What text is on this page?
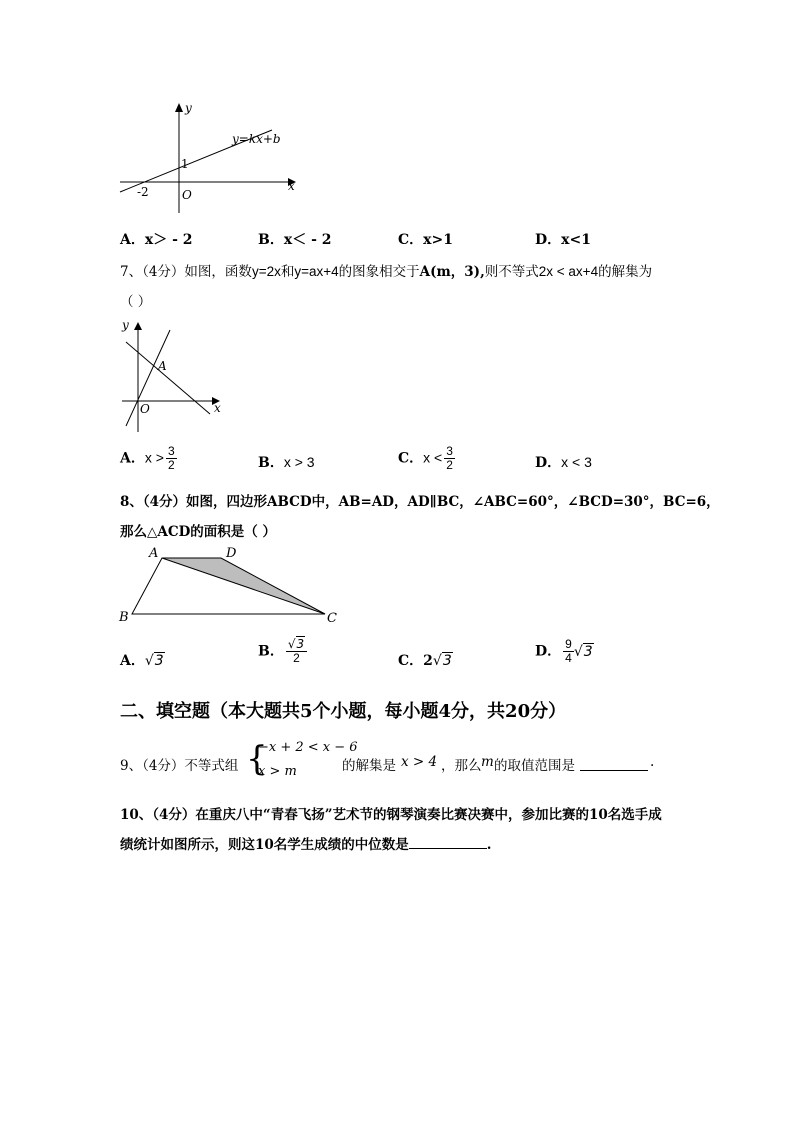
y
x
y=kx+b
1
-2	O
A．x＞ - 2	B．x＜ - 2	C．x>1	D．x<1
7、（4分）如图，函数y=2x和y=ax+4的图象相交于A(m，3),则不等式2x < ax+4的解集为
（ ）
y
x
A
O
A．$x > \frac{3}{2}$	B．x > 3	C．$x < \frac{3}{2}$	D．x < 3
8、（4分）如图，四边形ABCD中，AB=AD，AD∥BC，∠ABC=60°，∠BCD=30°，BC=6，
那么△ACD的面积是（ ）
A	D
B	C
A．√3
B． $\frac{√3}{2}$	C．2√3
D． $\frac{9}{4} √3$
二、填空题（本大题共5个小题，每小题4分，共20分）
9、（4分）不等式组 {
−x + 2 < x − 6
x > m	的解集是 x > 4 ，那么 m 的取值范围是	.
10、（4分）在重庆八中“青春飞扬”艺术节的钢琴演奏比赛决赛中，参加比赛的10名选手成
绩统计如图所示，则这10名学生成绩的中位数是	.
